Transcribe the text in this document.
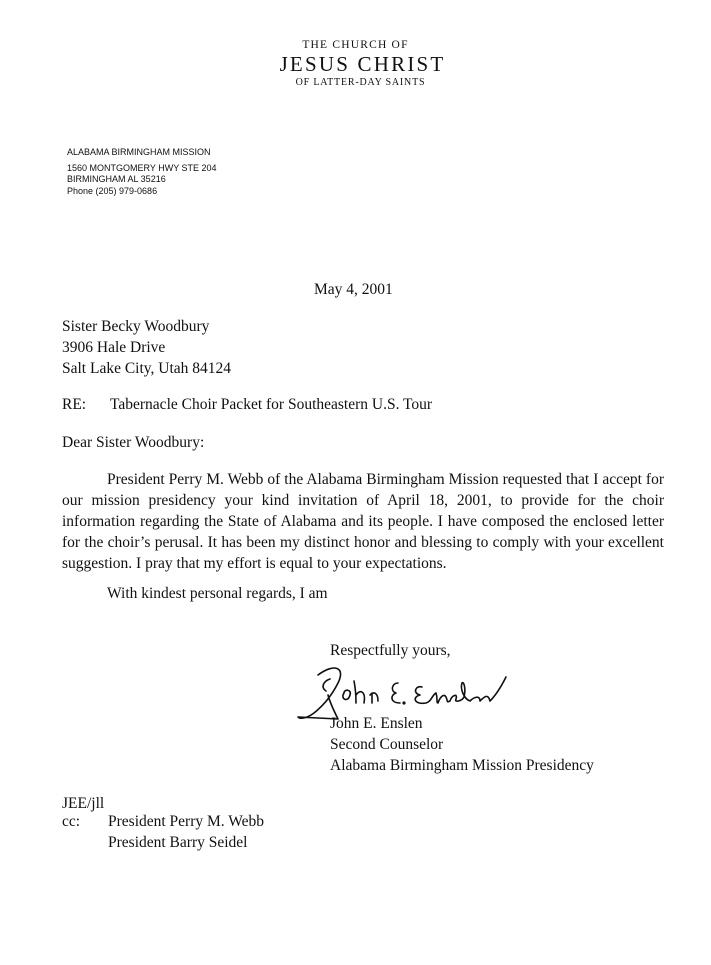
THE CHURCH OF
JESUS CHRIST
OF LATTER-DAY SAINTS
ALABAMA BIRMINGHAM MISSION
1560 MONTGOMERY HWY STE 204
BIRMINGHAM AL 35216
Phone (205) 979-0686
May 4, 2001
Sister Becky Woodbury
3906 Hale Drive
Salt Lake City, Utah 84124
RE: Tabernacle Choir Packet for Southeastern U.S. Tour
Dear Sister Woodbury:
President Perry M. Webb of the Alabama Birmingham Mission requested that I accept for our mission presidency your kind invitation of April 18, 2001, to provide for the choir information regarding the State of Alabama and its people. I have composed the enclosed letter for the choir’s perusal. It has been my distinct honor and blessing to comply with your excellent suggestion. I pray that my effort is equal to your expectations.
With kindest personal regards, I am
Respectfully yours,
John E. Enslen
Second Counselor
Alabama Birmingham Mission Presidency
JEE/jll
cc: President Perry M. Webb
President Barry Seidel
